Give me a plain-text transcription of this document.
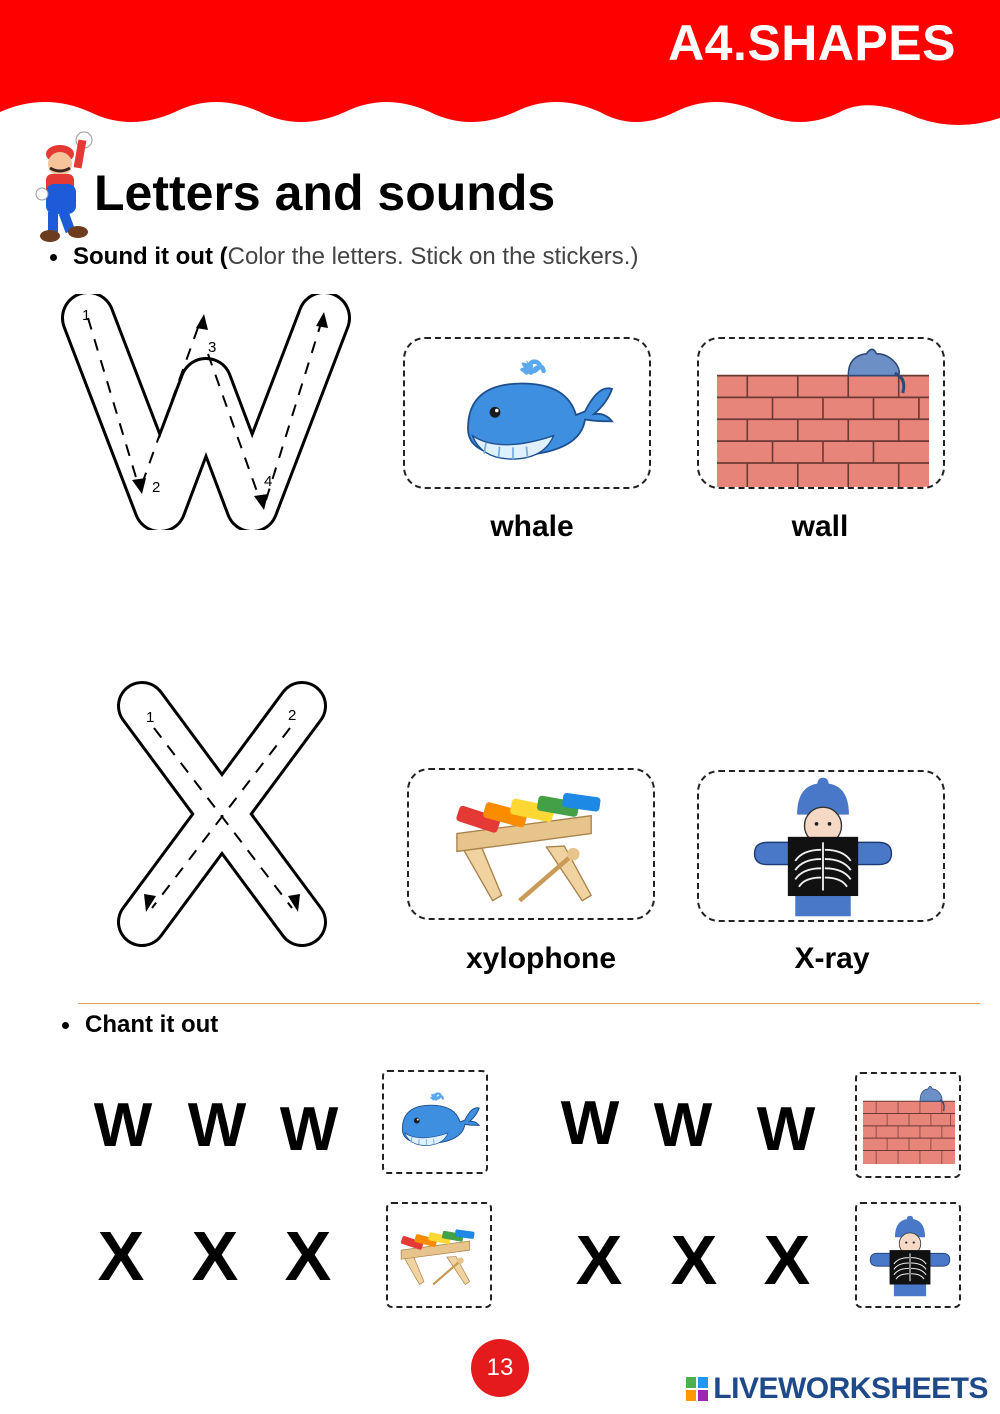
A4.SHAPES
Letters and sounds
Sound it out (Color the letters. Stick on the stickers.)
1
2
3
4
whale	wall
1	2
xylophone	X-ray
Chant it out
W W W	W W W
X X X	X X X
13
LIVEWORKSHEETS
